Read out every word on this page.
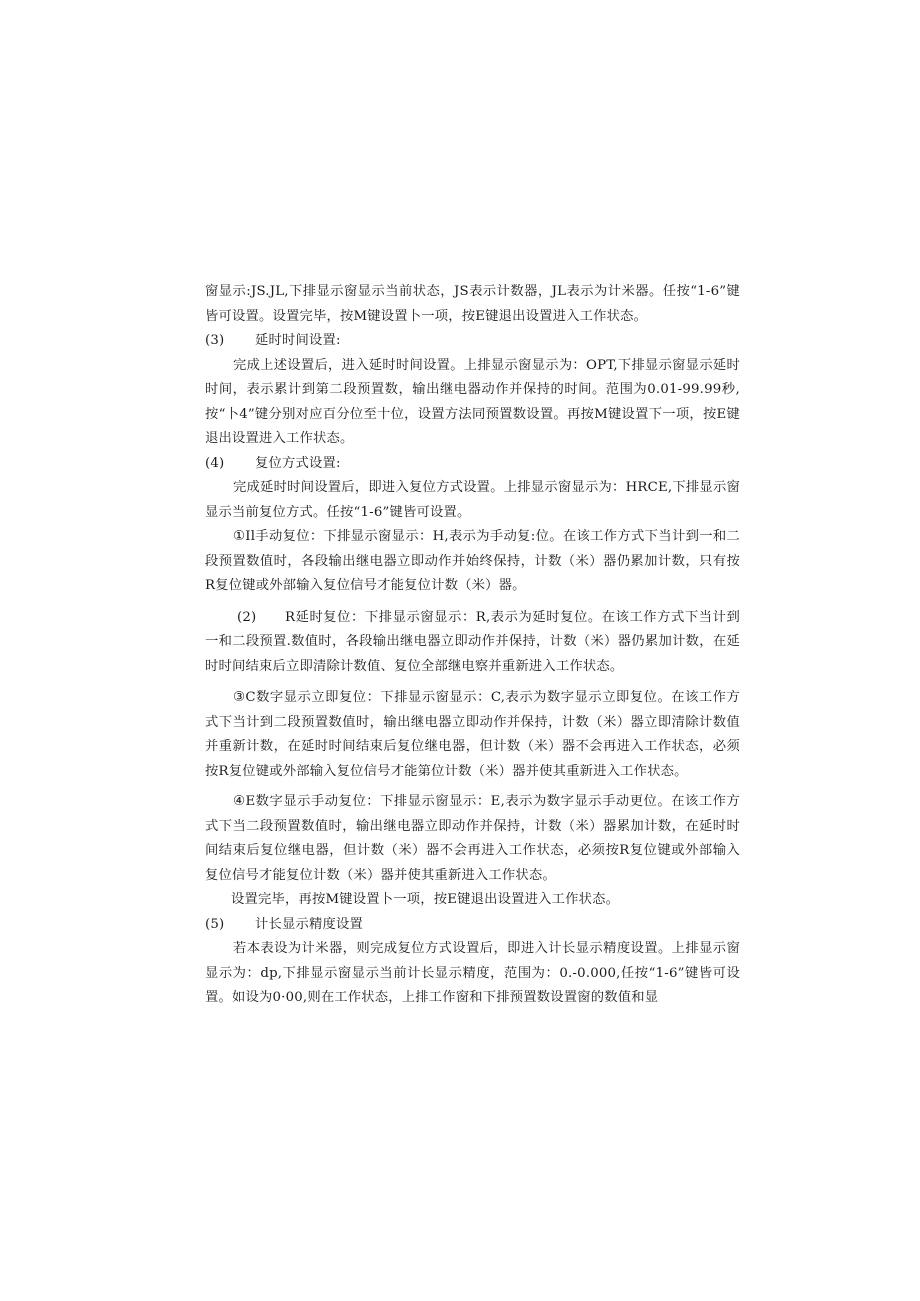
窗显示:JS.JL,下排显示窗显示当前状态，JS表示计数器，JL表示为计米器。任按“1-6”键皆可设置。设置完毕，按M键设置卜一项，按E键退出设置进入工作状态。

(3)	延时时间设置:

完成上述设置后，进入延时时间设置。上排显示窗显示为：OPT,下排显示窗显示延时时间，表示累计到第二段预置数，输出继电器动作并保持的时间。范围为0.01-99.99秒,按“卜4”键分别对应百分位至十位，设置方法同预置数设置。再按M键设置下一项，按E键退出设置进入工作状态。

(4)	复位方式设置:

完成延时时间设置后，即进入复位方式设置。上排显示窗显示为：HRCE,下排显示窗显示当前复位方式。任按“1-6”键皆可设置。

①Il手动复位：下排显示窗显示：H,表示为手动复:位。在该工作方式下当计到一和二段预置数值时，各段输出继电器立即动作并始终保持，计数（米）器仍累加计数，只有按R复位键或外部输入复位信号才能复位计数（米）器。

(2) R延时复位：下排显示窗显示：R,表示为延时复位。在该工作方式下当计到一和二段预置.数值时，各段输出继电器立即动作并保持，计数（米）器仍累加计数，在延时时间结束后立即清除计数值、复位全部继电察并重新进入工作状态。

③C数字显示立即复位：下排显示窗显示：C,表示为数字显示立即复位。在该工作方式下当计到二段预置数值时，输出继电器立即动作并保持，计数（米）器立即清除计数值并重新计数，在延时时间结束后复位继电器，但计数（米）器不会再进入工作状态，必须按R复位键或外部输入复位信号才能第位计数（米）器并使其重新进入工作状态。

④E数字显示手动复位：下排显示窗显示：E,表示为数字显示手动更位。在该工作方式下当二段预置数值时，输出继电器立即动作并保持，计数（米）器累加计数，在延时时间结束后复位继电器，但计数（米）器不会再进入工作状态，必须按R复位键或外部输入复位信号才能复位计数（米）器并使其重新进入工作状态。

设置完毕，再按M键设置卜一项，按E键退出设置进入工作状态。

(5)	计长显示精度设置

若本表设为计米器，则完成复位方式设置后，即进入计长显示精度设置。上排显示窗显示为：dp,下排显示窗显示当前计长显示精度，范围为：0.-0.000,任按“1-6”键皆可设置。如设为0·00,则在工作状态，上排工作窗和下排预置数设置窗的数值和显
